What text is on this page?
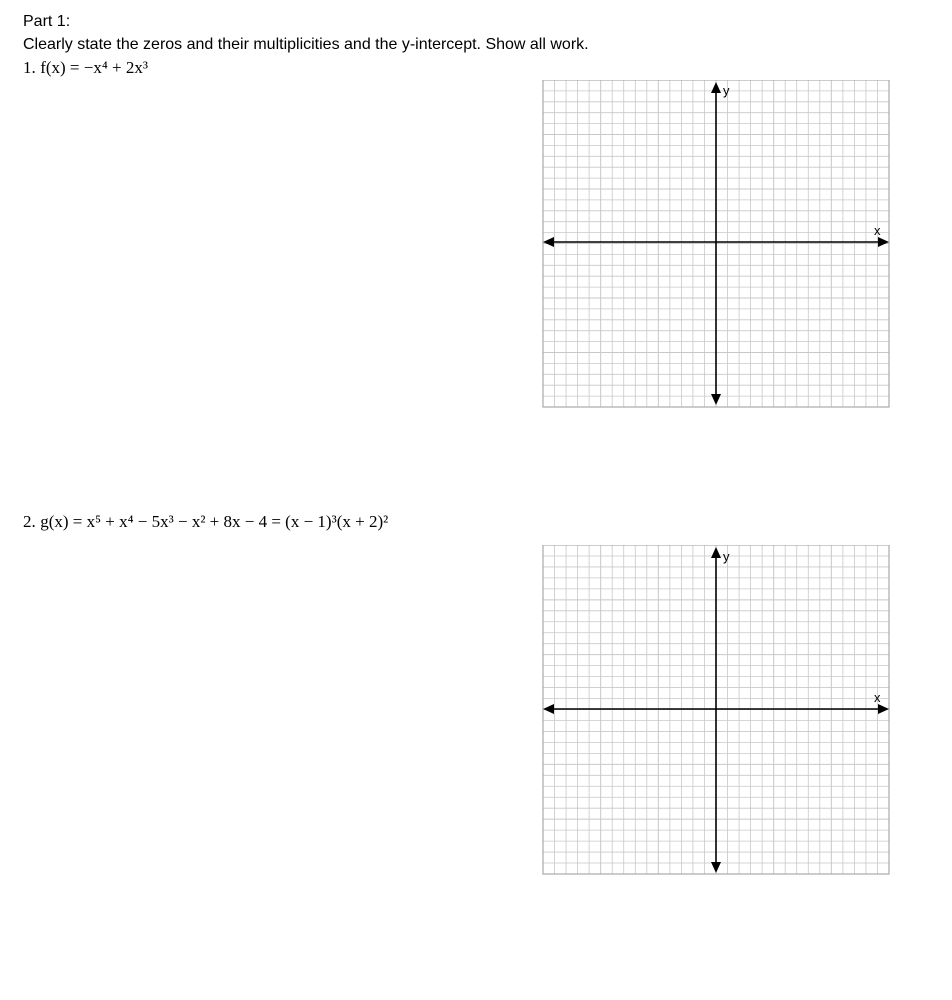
Part 1:
Clearly state the zeros and their multiplicities and the y-intercept. Show all work.
1. f(x) = −x⁴ + 2x³
x
y
2. g(x) = x⁵ + x⁴ − 5x³ − x² + 8x − 4 = (x − 1)³(x + 2)²
x
y
